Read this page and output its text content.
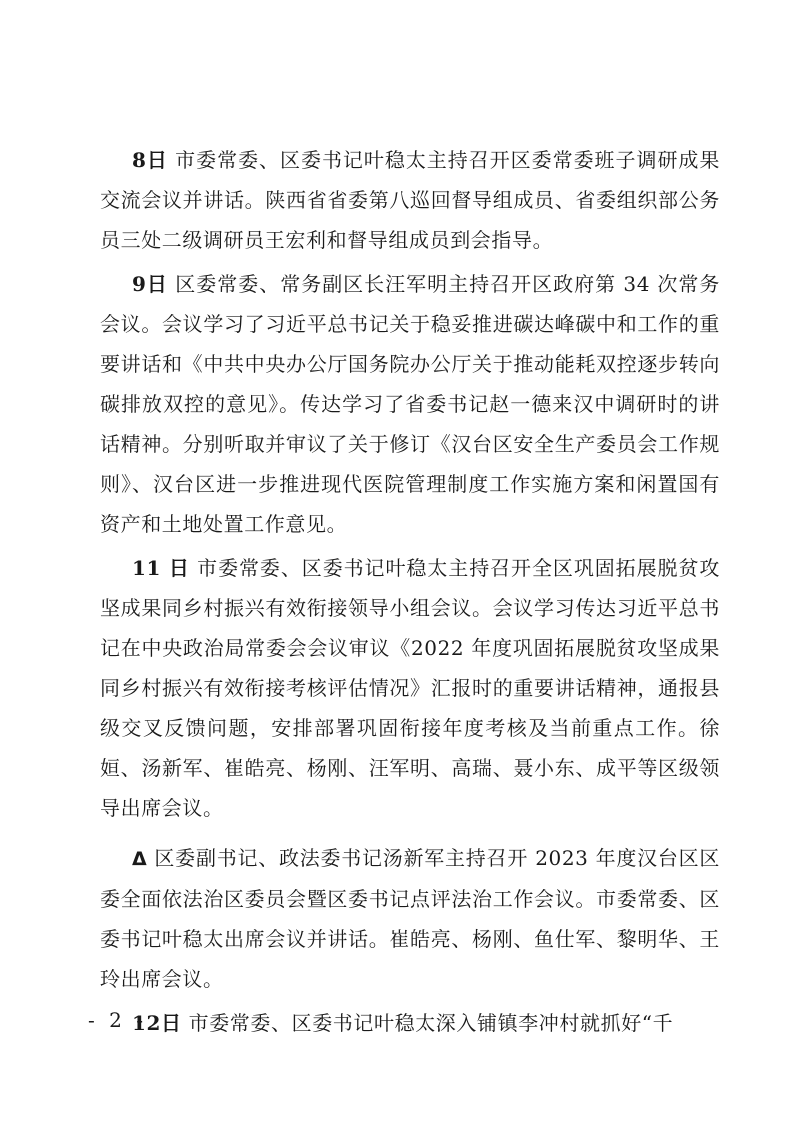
8日 市委常委、区委书记叶稳太主持召开区委常委班子调研成果交流会议并讲话。陕西省省委第八巡回督导组成员、省委组织部公务员三处二级调研员王宏利和督导组成员到会指导。

9日 区委常委、常务副区长汪军明主持召开区政府第 34 次常务会议。会议学习了习近平总书记关于稳妥推进碳达峰碳中和工作的重要讲话和《中共中央办公厅国务院办公厅关于推动能耗双控逐步转向碳排放双控的意见》。传达学习了省委书记赵一德来汉中调研时的讲话精神。分别听取并审议了关于修订《汉台区安全生产委员会工作规则》、汉台区进一步推进现代医院管理制度工作实施方案和闲置国有资产和土地处置工作意见。

11 日 市委常委、区委书记叶稳太主持召开全区巩固拓展脱贫攻坚成果同乡村振兴有效衔接领导小组会议。会议学习传达习近平总书记在中央政治局常委会会议审议《2022 年度巩固拓展脱贫攻坚成果同乡村振兴有效衔接考核评估情况》汇报时的重要讲话精神，通报县级交叉反馈问题，安排部署巩固衔接年度考核及当前重点工作。徐姮、汤新军、崔皓亮、杨刚、汪军明、高瑞、聂小东、成平等区级领导出席会议。

Δ 区委副书记、政法委书记汤新军主持召开 2023 年度汉台区区委全面依法治区委员会暨区委书记点评法治工作会议。市委常委、区委书记叶稳太出席会议并讲话。崔皓亮、杨刚、鱼仕军、黎明华、王玲出席会议。

12日 市委常委、区委书记叶稳太深入铺镇李冲村就抓好“千

- 2 -
